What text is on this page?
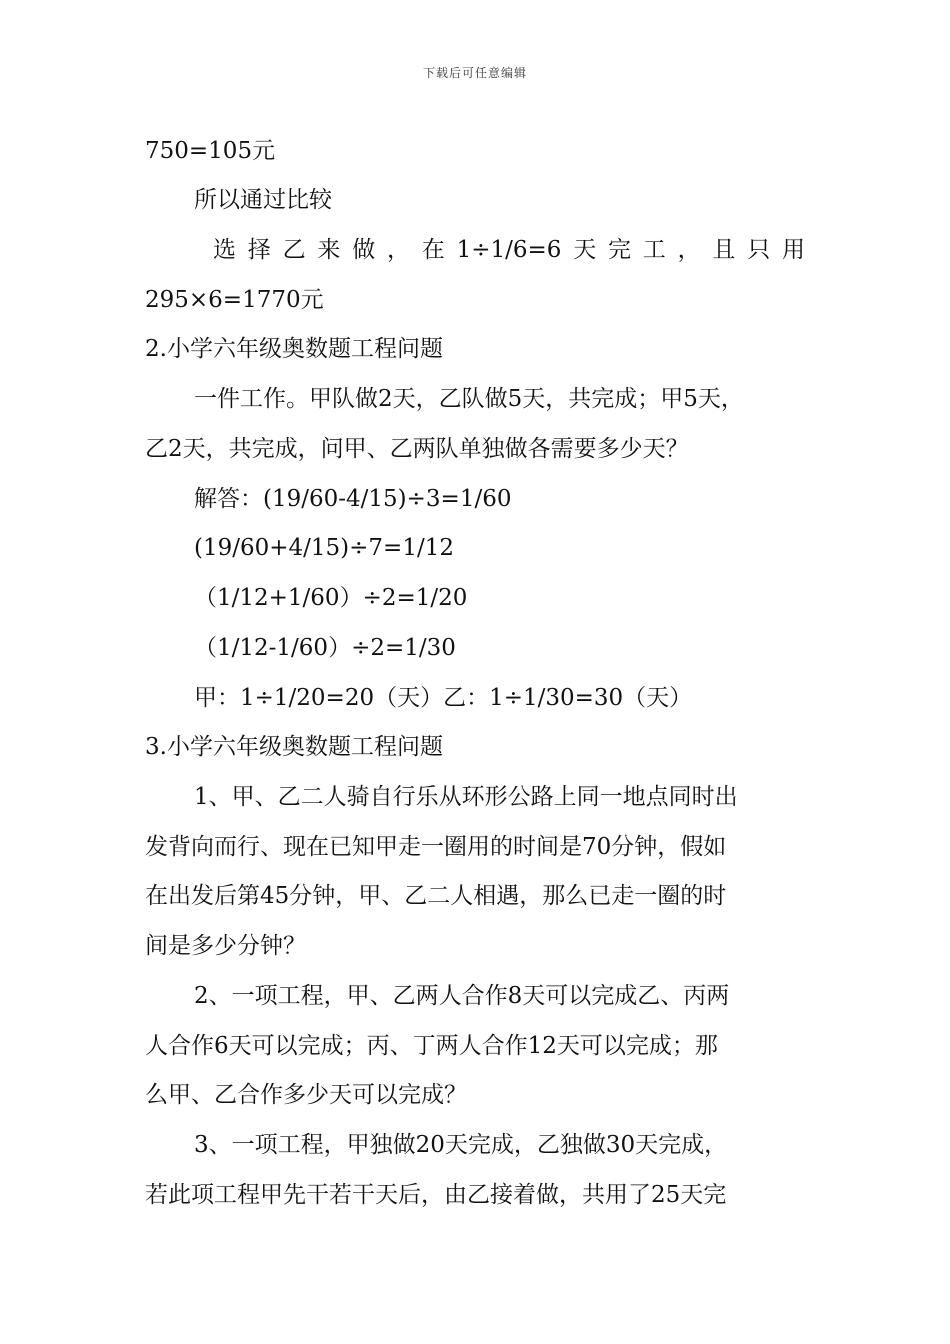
下载后可任意编辑
750=105元
所以通过比较
选 择 乙 来 做 ， 在 1÷1/6=6 天 完 工 ， 且 只 用
295×6=1770元
2.小学六年级奥数题工程问题
一件工作。甲队做2天，乙队做5天，共完成；甲5天，
乙2天，共完成，问甲、乙两队单独做各需要多少天？
解答：(19/60-4/15)÷3=1/60
(19/60+4/15)÷7=1/12
（1/12+1/60）÷2=1/20
（1/12-1/60）÷2=1/30
甲：1÷1/20=20（天）乙：1÷1/30=30（天）
3.小学六年级奥数题工程问题
1、甲、乙二人骑自行乐从环形公路上同一地点同时出
发背向而行、现在已知甲走一圈用的时间是70分钟，假如
在出发后第45分钟，甲、乙二人相遇，那么已走一圈的时
间是多少分钟？
2、一项工程，甲、乙两人合作8天可以完成乙、丙两
人合作6天可以完成；丙、丁两人合作12天可以完成；那
么甲、乙合作多少天可以完成？
3、一项工程，甲独做20天完成，乙独做30天完成，
若此项工程甲先干若干天后，由乙接着做，共用了25天完
